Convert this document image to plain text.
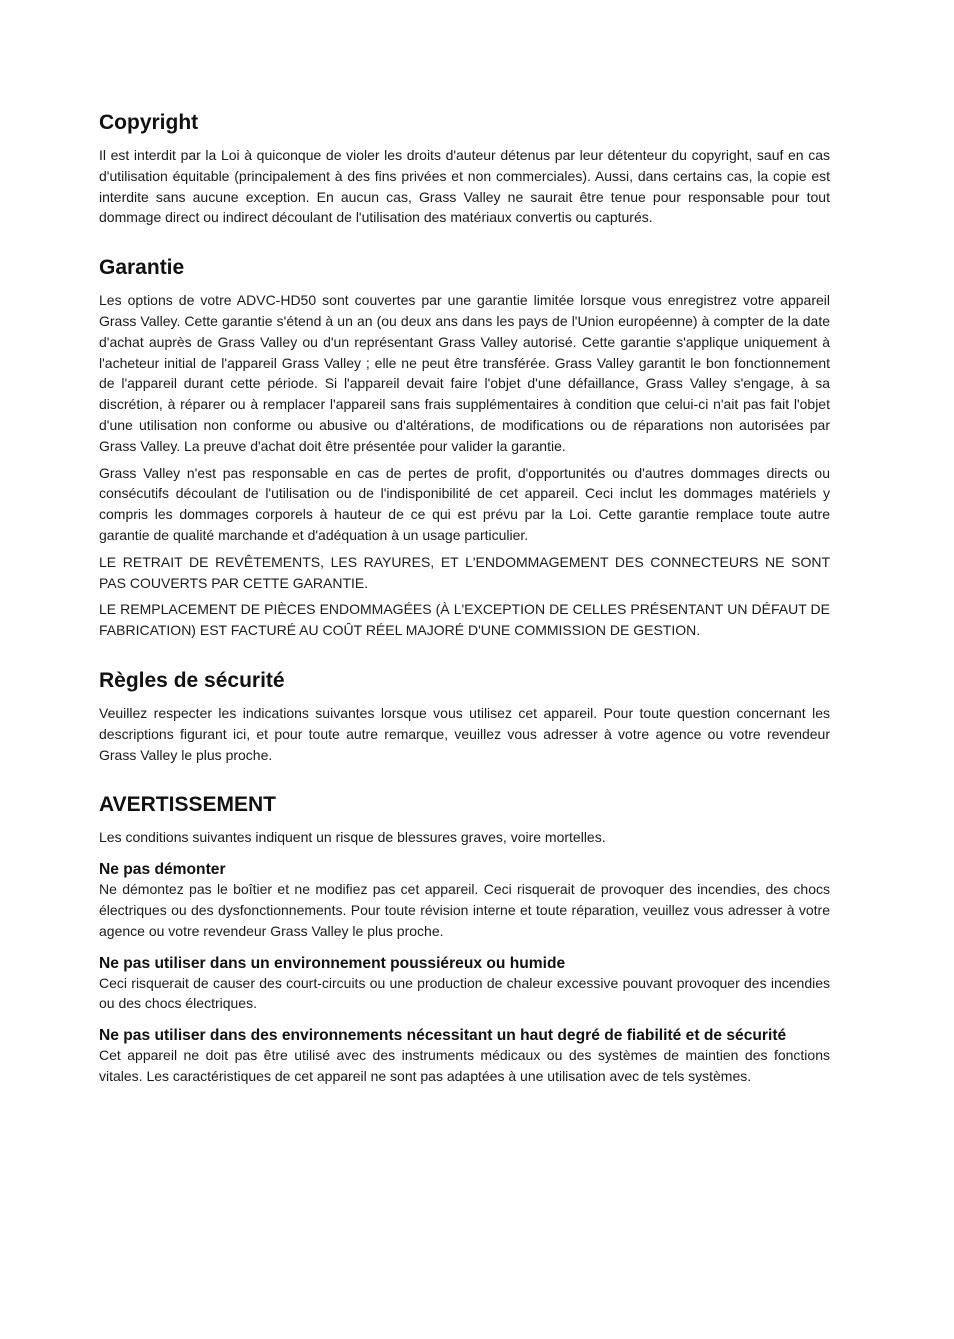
Copyright

Il est interdit par la Loi à quiconque de violer les droits d'auteur détenus par leur détenteur du copyright, sauf en cas d'utilisation équitable (principalement à des fins privées et non commerciales). Aussi, dans certains cas, la copie est interdite sans aucune exception. En aucun cas, Grass Valley ne saurait être tenue pour responsable pour tout dommage direct ou indirect découlant de l'utilisation des matériaux convertis ou capturés.

Garantie

Les options de votre ADVC-HD50 sont couvertes par une garantie limitée lorsque vous enregistrez votre appareil Grass Valley. Cette garantie s'étend à un an (ou deux ans dans les pays de l'Union européenne) à compter de la date d'achat auprès de Grass Valley ou d'un représentant Grass Valley autorisé. Cette garantie s'applique uniquement à l'acheteur initial de l'appareil Grass Valley ; elle ne peut être transférée. Grass Valley garantit le bon fonctionnement de l'appareil durant cette période. Si l'appareil devait faire l'objet d'une défaillance, Grass Valley s'engage, à sa discrétion, à réparer ou à remplacer l'appareil sans frais supplémentaires à condition que celui-ci n'ait pas fait l'objet d'une utilisation non conforme ou abusive ou d'altérations, de modifications ou de réparations non autorisées par Grass Valley. La preuve d'achat doit être présentée pour valider la garantie.

Grass Valley n'est pas responsable en cas de pertes de profit, d'opportunités ou d'autres dommages directs ou consécutifs découlant de l'utilisation ou de l'indisponibilité de cet appareil. Ceci inclut les dommages matériels y compris les dommages corporels à hauteur de ce qui est prévu par la Loi. Cette garantie remplace toute autre garantie de qualité marchande et d'adéquation à un usage particulier.

LE RETRAIT DE REVÊTEMENTS, LES RAYURES, ET L'ENDOMMAGEMENT DES CONNECTEURS NE SONT PAS COUVERTS PAR CETTE GARANTIE.

LE REMPLACEMENT DE PIÈCES ENDOMMAGÉES (À L'EXCEPTION DE CELLES PRÉSENTANT UN DÉFAUT DE FABRICATION) EST FACTURÉ AU COÛT RÉEL MAJORÉ D'UNE COMMISSION DE GESTION.

Règles de sécurité

Veuillez respecter les indications suivantes lorsque vous utilisez cet appareil. Pour toute question concernant les descriptions figurant ici, et pour toute autre remarque, veuillez vous adresser à votre agence ou votre revendeur Grass Valley le plus proche.

AVERTISSEMENT

Les conditions suivantes indiquent un risque de blessures graves, voire mortelles.

Ne pas démonter

Ne démontez pas le boîtier et ne modifiez pas cet appareil. Ceci risquerait de provoquer des incendies, des chocs électriques ou des dysfonctionnements. Pour toute révision interne et toute réparation, veuillez vous adresser à votre agence ou votre revendeur Grass Valley le plus proche.

Ne pas utiliser dans un environnement poussiéreux ou humide

Ceci risquerait de causer des court-circuits ou une production de chaleur excessive pouvant provoquer des incendies ou des chocs électriques.

Ne pas utiliser dans des environnements nécessitant un haut degré de fiabilité et de sécurité

Cet appareil ne doit pas être utilisé avec des instruments médicaux ou des systèmes de maintien des fonctions vitales. Les caractéristiques de cet appareil ne sont pas adaptées à une utilisation avec de tels systèmes.
